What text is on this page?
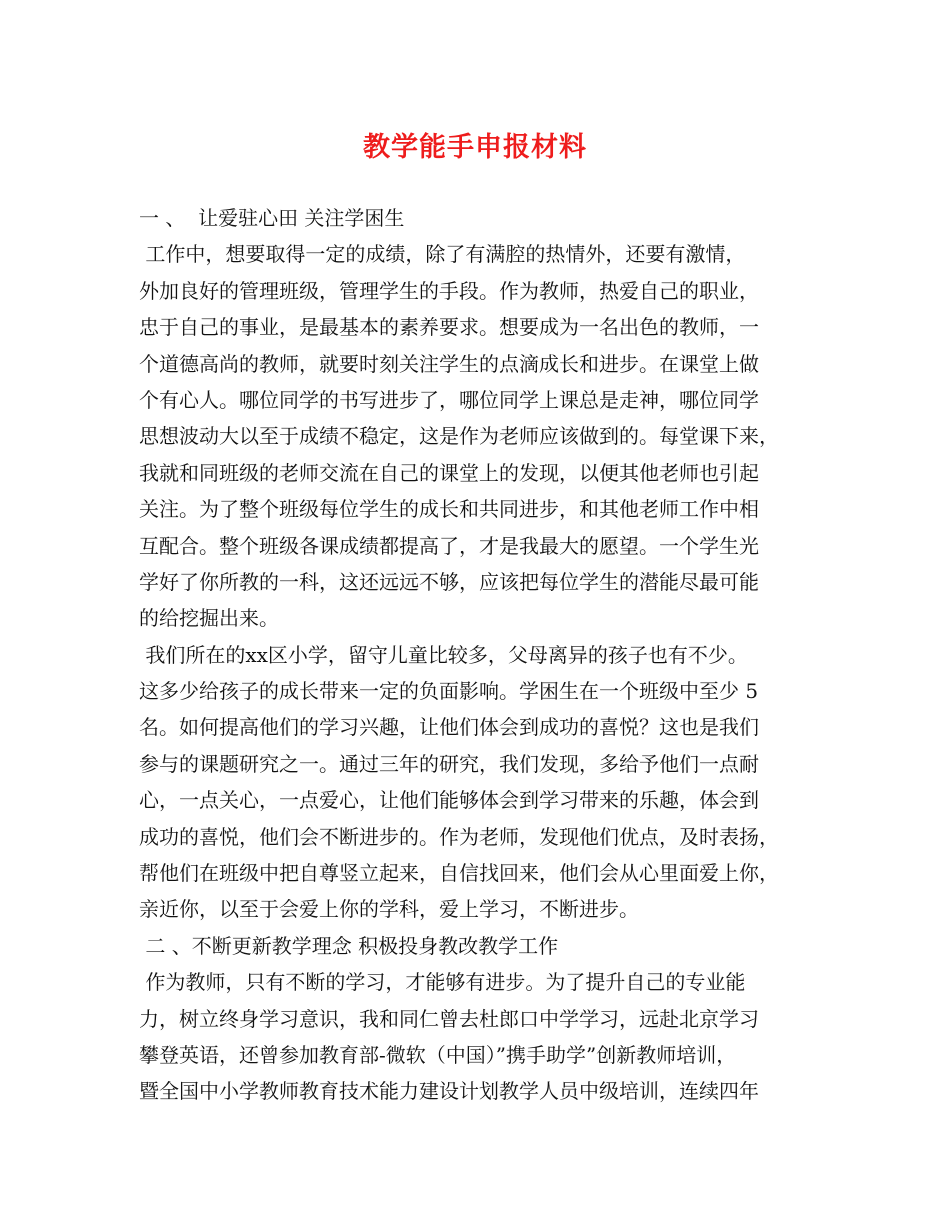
教学能手申报材料
一 、  让爱驻心田 关注学困生
工作中，想要取得一定的成绩，除了有满腔的热情外，还要有激情，
外加良好的管理班级，管理学生的手段。作为教师，热爱自己的职业，
忠于自己的事业，是最基本的素养要求。想要成为一名出色的教师，一
个道德高尚的教师，就要时刻关注学生的点滴成长和进步。在课堂上做
个有心人。哪位同学的书写进步了，哪位同学上课总是走神，哪位同学
思想波动大以至于成绩不稳定，这是作为老师应该做到的。每堂课下来，
我就和同班级的老师交流在自己的课堂上的发现，以便其他老师也引起
关注。为了整个班级每位学生的成长和共同进步，和其他老师工作中相
互配合。整个班级各课成绩都提高了，才是我最大的愿望。一个学生光
学好了你所教的一科，这还远远不够，应该把每位学生的潜能尽最可能
的给挖掘出来。
我们所在的xx区小学，留守儿童比较多，父母离异的孩子也有不少。
这多少给孩子的成长带来一定的负面影响。学困生在一个班级中至少 5
名。如何提高他们的学习兴趣，让他们体会到成功的喜悦？这也是我们
参与的课题研究之一。通过三年的研究，我们发现，多给予他们一点耐
心，一点关心，一点爱心，让他们能够体会到学习带来的乐趣，体会到
成功的喜悦，他们会不断进步的。作为老师，发现他们优点，及时表扬，
帮他们在班级中把自尊竖立起来，自信找回来，他们会从心里面爱上你，
亲近你，以至于会爱上你的学科，爱上学习，不断进步。
二 、不断更新教学理念 积极投身教改教学工作
作为教师，只有不断的学习，才能够有进步。为了提升自己的专业能
力，树立终身学习意识，我和同仁曾去杜郎口中学学习，远赴北京学习
攀登英语，还曾参加教育部-微软（中国）”携手助学”创新教师培训，
暨全国中小学教师教育技术能力建设计划教学人员中级培训，连续四年
